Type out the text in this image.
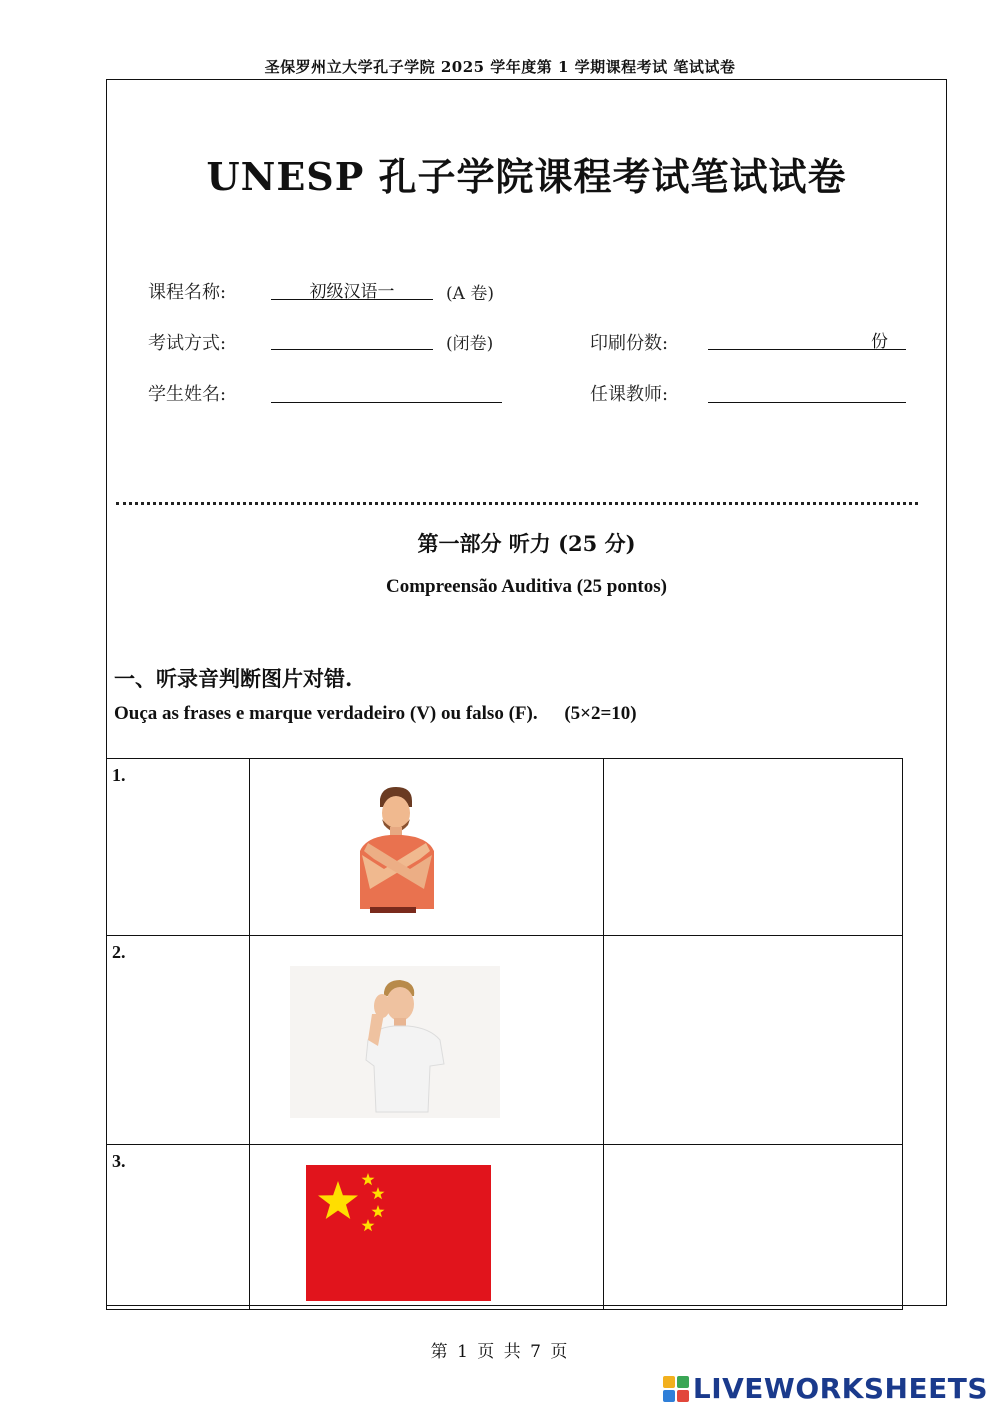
圣保罗州立大学孔子学院 2025 学年度第 1 学期课程考试 笔试试卷
UNESP 孔子学院课程考试笔试试卷
课程名称:	初级汉语一	(A 卷)
考试方式:	(闭卷)	印刷份数:	份
学生姓名:	任课教师:
第一部分 听力 (25 分)
Compreensão Auditiva (25 pontos)
一、听录音判断图片对错.
Ouça as frases e marque verdadeiro (V) ou falso (F). (5×2=10)
1.

2.

3.

第 1 页 共 7 页
LIVEWORKSHEETS
